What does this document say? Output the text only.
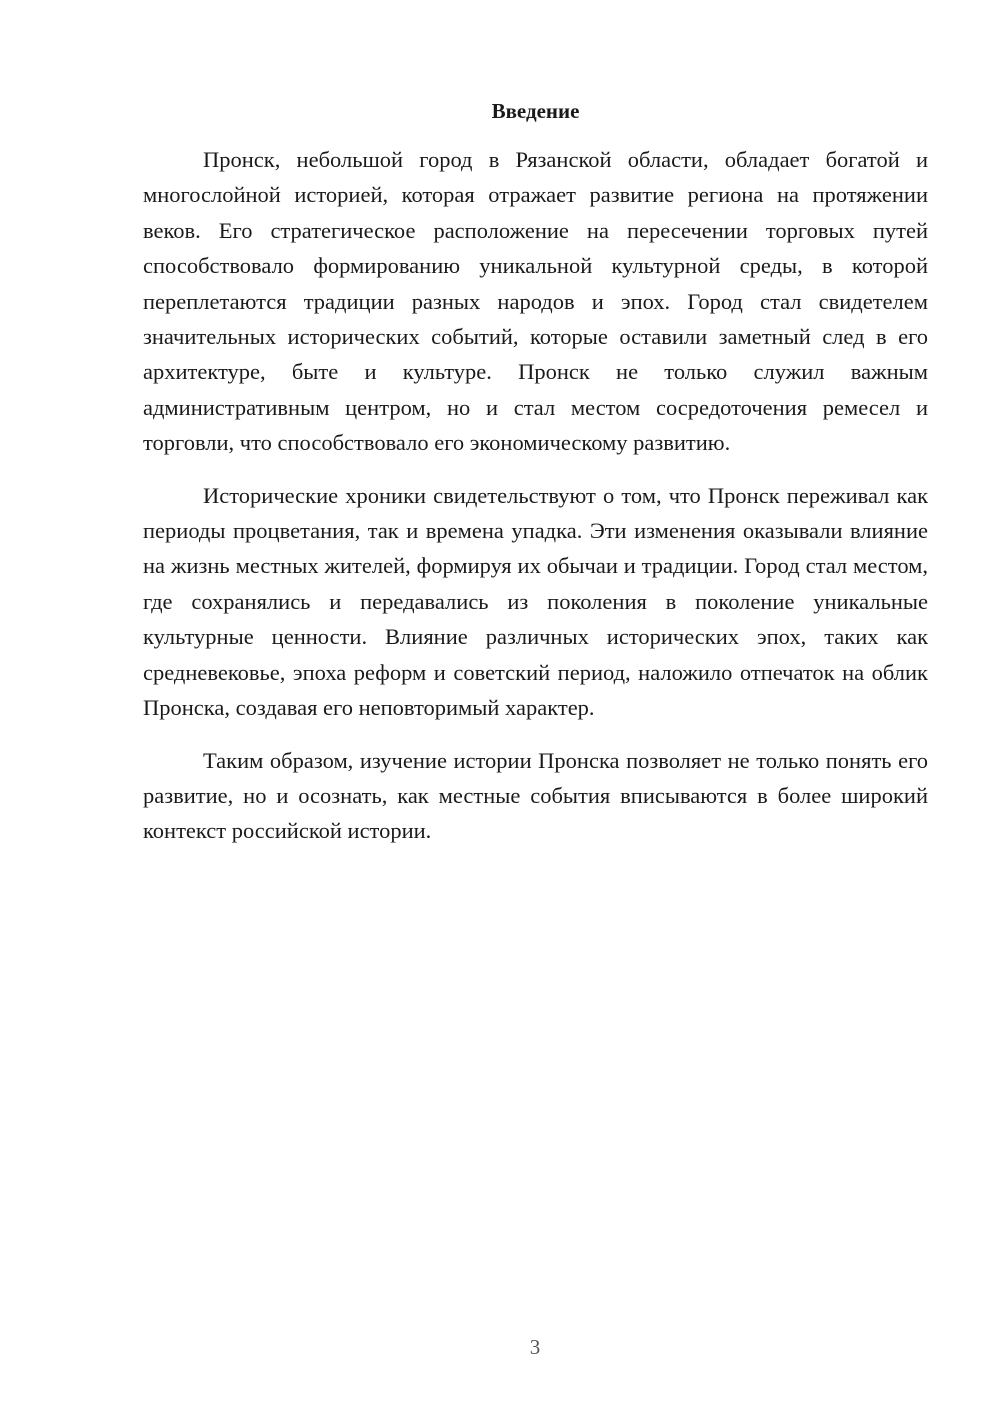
Введение

Пронск, небольшой город в Рязанской области, обладает богатой и многослойной историей, которая отражает развитие региона на протяжении веков. Его стратегическое расположение на пересечении торговых путей способствовало формированию уникальной культурной среды, в которой переплетаются традиции разных народов и эпох. Город стал свидетелем значительных исторических событий, которые оставили заметный след в его архитектуре, быте и культуре. Пронск не только служил важным административным центром, но и стал местом сосредоточения ремесел и торговли, что способствовало его экономическому развитию.

Исторические хроники свидетельствуют о том, что Пронск переживал как периоды процветания, так и времена упадка. Эти изменения оказывали влияние на жизнь местных жителей, формируя их обычаи и традиции. Город стал местом, где сохранялись и передавались из поколения в поколение уникальные культурные ценности. Влияние различных исторических эпох, таких как средневековье, эпоха реформ и советский период, наложило отпечаток на облик Пронска, создавая его неповторимый характер.

Таким образом, изучение истории Пронска позволяет не только понять его развитие, но и осознать, как местные события вписываются в более широкий контекст российской истории.

3
